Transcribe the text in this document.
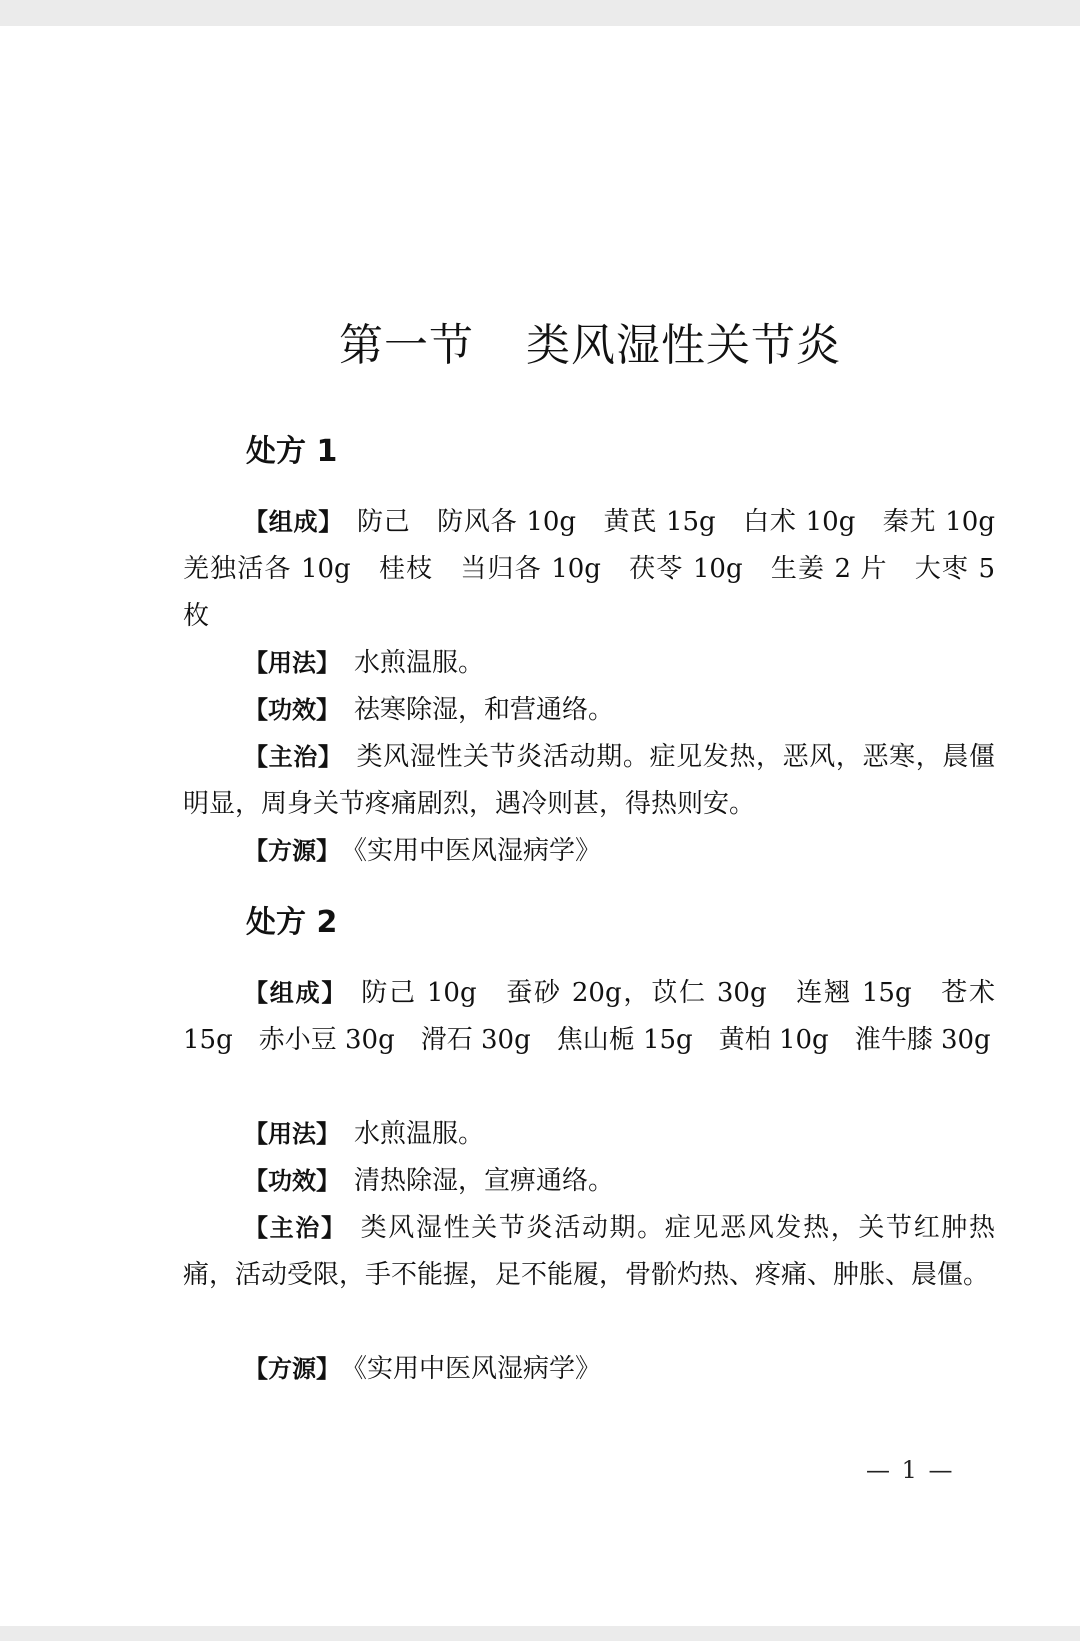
第一节 类风湿性关节炎
处方 1

【组成】 防己　防风各 10g　黄芪 15g　白术 10g　秦艽 10g　羌独活各 10g　桂枝　当归各 10g　茯苓 10g　生姜 2 片　大枣 5 枚

【用法】 水煎温服。

【功效】 祛寒除湿，和营通络。

【主治】 类风湿性关节炎活动期。症见发热，恶风，恶寒，晨僵明显，周身关节疼痛剧烈，遇冷则甚，得热则安。

【方源】 《实用中医风湿病学》

处方 2

【组成】 防己 10g　蚕砂 20g，苡仁 30g　连翘 15g　苍术 15g　赤小豆 30g　滑石 30g　焦山栀 15g　黄柏 10g　淮牛膝 30g

【用法】 水煎温服。

【功效】 清热除湿，宣痹通络。

【主治】 类风湿性关节炎活动期。症见恶风发热，关节红肿热痛，活动受限，手不能握，足不能履，骨骱灼热、疼痛、肿胀、晨僵。

【方源】 《实用中医风湿病学》

— 1 —
